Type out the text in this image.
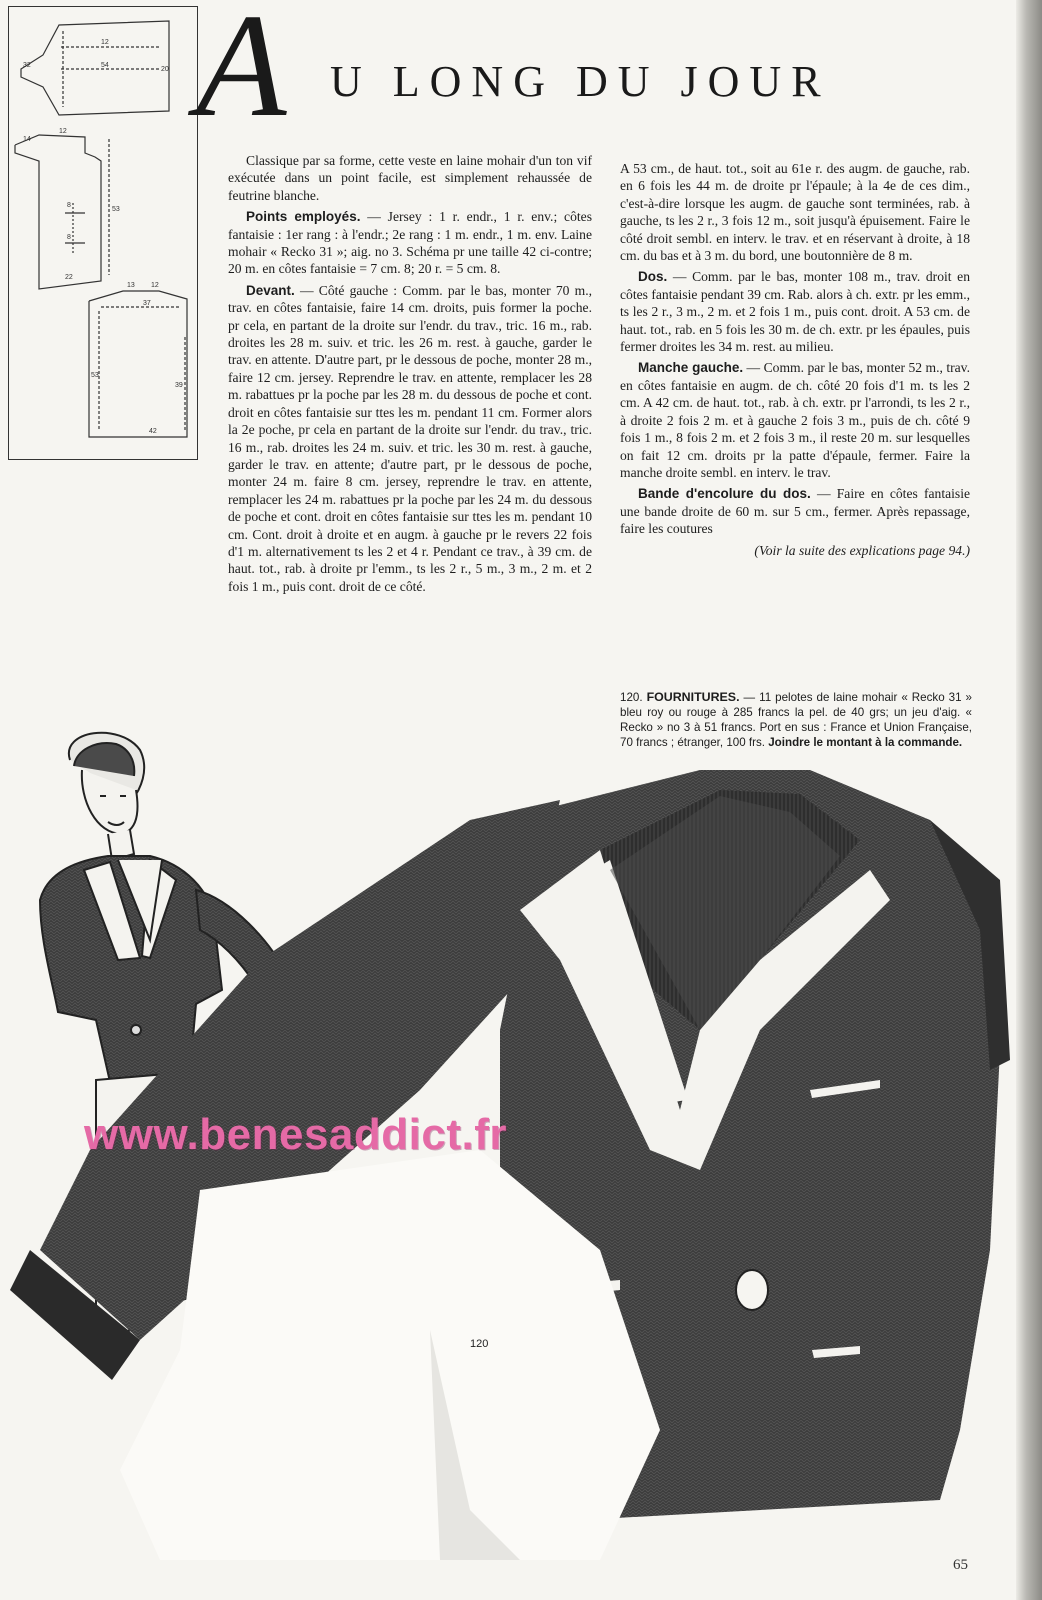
12
54
32
20
14
12
8
8
53
22
13 12
37
53
39
42
A U LONG DU JOUR

Classique par sa forme, cette veste en laine mohair d'un ton vif exécutée dans un point facile, est simplement rehaussée de feutrine blanche.

Points employés. — Jersey : 1 r. endr., 1 r. env.; côtes fantaisie : 1er rang : à l'endr.; 2e rang : 1 m. endr., 1 m. env. Laine mohair « Recko 31 »; aig. no 3. Schéma pr une taille 42 ci-contre; 20 m. en côtes fantaisie = 7 cm. 8; 20 r. = 5 cm. 8.

Devant. — Côté gauche : Comm. par le bas, monter 70 m., trav. en côtes fantaisie, faire 14 cm. droits, puis former la poche. pr cela, en partant de la droite sur l'endr. du trav., tric. 16 m., rab. droites les 28 m. suiv. et tric. les 26 m. rest. à gauche, garder le trav. en attente. D'autre part, pr le dessous de poche, monter 28 m., faire 12 cm. jersey. Reprendre le trav. en attente, remplacer les 28 m. rabattues pr la poche par les 28 m. du dessous de poche et cont. droit en côtes fantaisie sur ttes les m. pendant 11 cm. Former alors la 2e poche, pr cela en partant de la droite sur l'endr. du trav., tric. 16 m., rab. droites les 24 m. suiv. et tric. les 30 m. rest. à gauche, garder le trav. en attente; d'autre part, pr le dessous de poche, monter 24 m. faire 8 cm. jersey, reprendre le trav. en attente, remplacer les 24 m. rabattues pr la poche par les 24 m. du dessous de poche et cont. droit en côtes fantaisie sur ttes les m. pendant 10 cm. Cont. droit à droite et en augm. à gauche pr le revers 22 fois d'1 m. alternativement ts les 2 et 4 r. Pendant ce trav., à 39 cm. de haut. tot., rab. à droite pr l'emm., ts les 2 r., 5 m., 3 m., 2 m. et 2 fois 1 m., puis cont. droit de ce côté.

A 53 cm., de haut. tot., soit au 61e r. des augm. de gauche, rab. en 6 fois les 44 m. de droite pr l'épaule; à la 4e de ces dim., c'est-à-dire lorsque les augm. de gauche sont terminées, rab. à gauche, ts les 2 r., 3 fois 12 m., soit jusqu'à épuisement. Faire le côté droit sembl. en interv. le trav. et en réservant à droite, à 18 cm. du bas et à 3 m. du bord, une boutonnière de 8 m.

Dos. — Comm. par le bas, monter 108 m., trav. droit en côtes fantaisie pendant 39 cm. Rab. alors à ch. extr. pr les emm., ts les 2 r., 3 m., 2 m. et 2 fois 1 m., puis cont. droit. A 53 cm. de haut. tot., rab. en 5 fois les 30 m. de ch. extr. pr les épaules, puis fermer droites les 34 m. rest. au milieu.

Manche gauche. — Comm. par le bas, monter 52 m., trav. en côtes fantaisie en augm. de ch. côté 20 fois d'1 m. ts les 2 cm. A 42 cm. de haut. tot., rab. à ch. extr. pr l'arrondi, ts les 2 r., à droite 2 fois 2 m. et à gauche 2 fois 3 m., puis de ch. côté 9 fois 1 m., 8 fois 2 m. et 2 fois 3 m., il reste 20 m. sur lesquelles on fait 12 cm. droits pr la patte d'épaule, fermer. Faire la manche droite sembl. en interv. le trav.

Bande d'encolure du dos. — Faire en côtes fantaisie une bande droite de 60 m. sur 5 cm., fermer. Après repassage, faire les coutures

(Voir la suite des explications page 94.)
120. FOURNITURES. — 11 pelotes de laine mohair « Recko 31 » bleu roy ou rouge à 285 francs la pel. de 40 grs; un jeu d'aig. « Recko » no 3 à 51 francs. Port en sus : France et Union Française, 70 francs ; étranger, 100 frs. Joindre le montant à la commande.
www.benesaddict.fr
120
65
